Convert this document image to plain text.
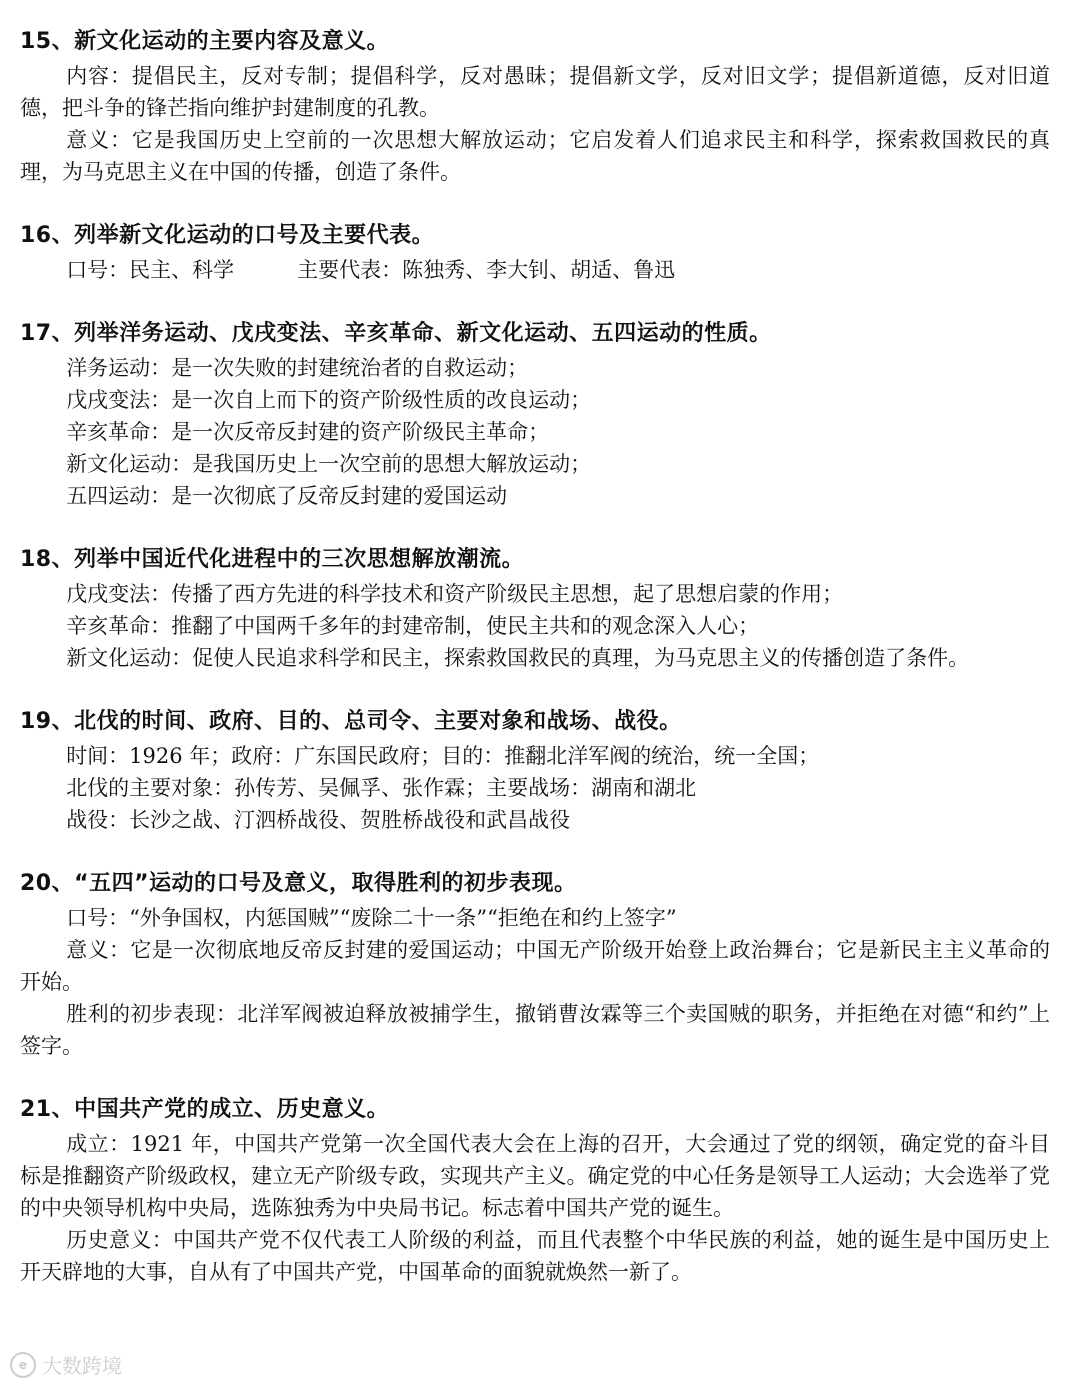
15、新文化运动的主要内容及意义。

内容：提倡民主，反对专制；提倡科学，反对愚昧；提倡新文学，反对旧文学；提倡新道德，反对旧道德，把斗争的锋芒指向维护封建制度的孔教。

意义：它是我国历史上空前的一次思想大解放运动；它启发着人们追求民主和科学，探索救国救民的真理，为马克思主义在中国的传播，创造了条件。

16、列举新文化运动的口号及主要代表。

口号：民主、科学　　　主要代表：陈独秀、李大钊、胡适、鲁迅

17、列举洋务运动、戊戌变法、辛亥革命、新文化运动、五四运动的性质。

洋务运动：是一次失败的封建统治者的自救运动；

戊戌变法：是一次自上而下的资产阶级性质的改良运动；

辛亥革命：是一次反帝反封建的资产阶级民主革命；

新文化运动：是我国历史上一次空前的思想大解放运动；

五四运动：是一次彻底了反帝反封建的爱国运动

18、列举中国近代化进程中的三次思想解放潮流。

戊戌变法：传播了西方先进的科学技术和资产阶级民主思想，起了思想启蒙的作用；

辛亥革命：推翻了中国两千多年的封建帝制，使民主共和的观念深入人心；

新文化运动：促使人民追求科学和民主，探索救国救民的真理，为马克思主义的传播创造了条件。

19、北伐的时间、政府、目的、总司令、主要对象和战场、战役。

时间：1926 年；政府：广东国民政府；目的：推翻北洋军阀的统治，统一全国；

北伐的主要对象：孙传芳、吴佩孚、张作霖；主要战场：湖南和湖北

战役：长沙之战、汀泗桥战役、贺胜桥战役和武昌战役

20、“五四”运动的口号及意义，取得胜利的初步表现。

口号：“外争国权，内惩国贼”“废除二十一条”“拒绝在和约上签字”

意义：它是一次彻底地反帝反封建的爱国运动；中国无产阶级开始登上政治舞台；它是新民主主义革命的开始。

胜利的初步表现：北洋军阀被迫释放被捕学生，撤销曹汝霖等三个卖国贼的职务，并拒绝在对德“和约”上签字。

21、中国共产党的成立、历史意义。

成立：1921 年，中国共产党第一次全国代表大会在上海的召开，大会通过了党的纲领，确定党的奋斗目标是推翻资产阶级政权，建立无产阶级专政，实现共产主义。确定党的中心任务是领导工人运动；大会选举了党的中央领导机构中央局，选陈独秀为中央局书记。标志着中国共产党的诞生。

历史意义：中国共产党不仅代表工人阶级的利益，而且代表整个中华民族的利益，她的诞生是中国历史上开天辟地的大事，自从有了中国共产党，中国革命的面貌就焕然一新了。

e 大数跨境
